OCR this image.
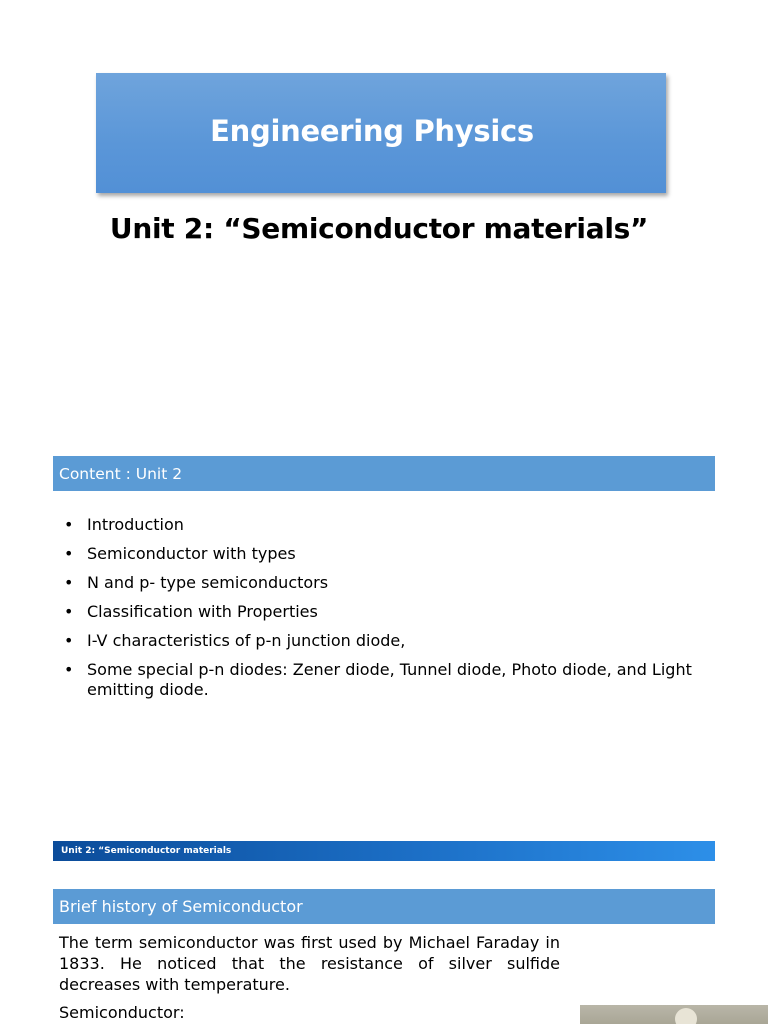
Engineering Physics
Unit 2: “Semiconductor materials”
Content : Unit 2
• Introduction
• Semiconductor with types
• N and p- type semiconductors
• Classification with Properties
• I-V characteristics of p-n junction diode,
• Some special p-n diodes: Zener diode, Tunnel diode, Photo diode, and Light emitting diode.
Unit 2: “Semiconductor materials
Brief history of Semiconductor

The term semiconductor was first used by Michael Faraday in 1833. He noticed that the resistance of silver sulfide decreases with temperature.

Semiconductor:
